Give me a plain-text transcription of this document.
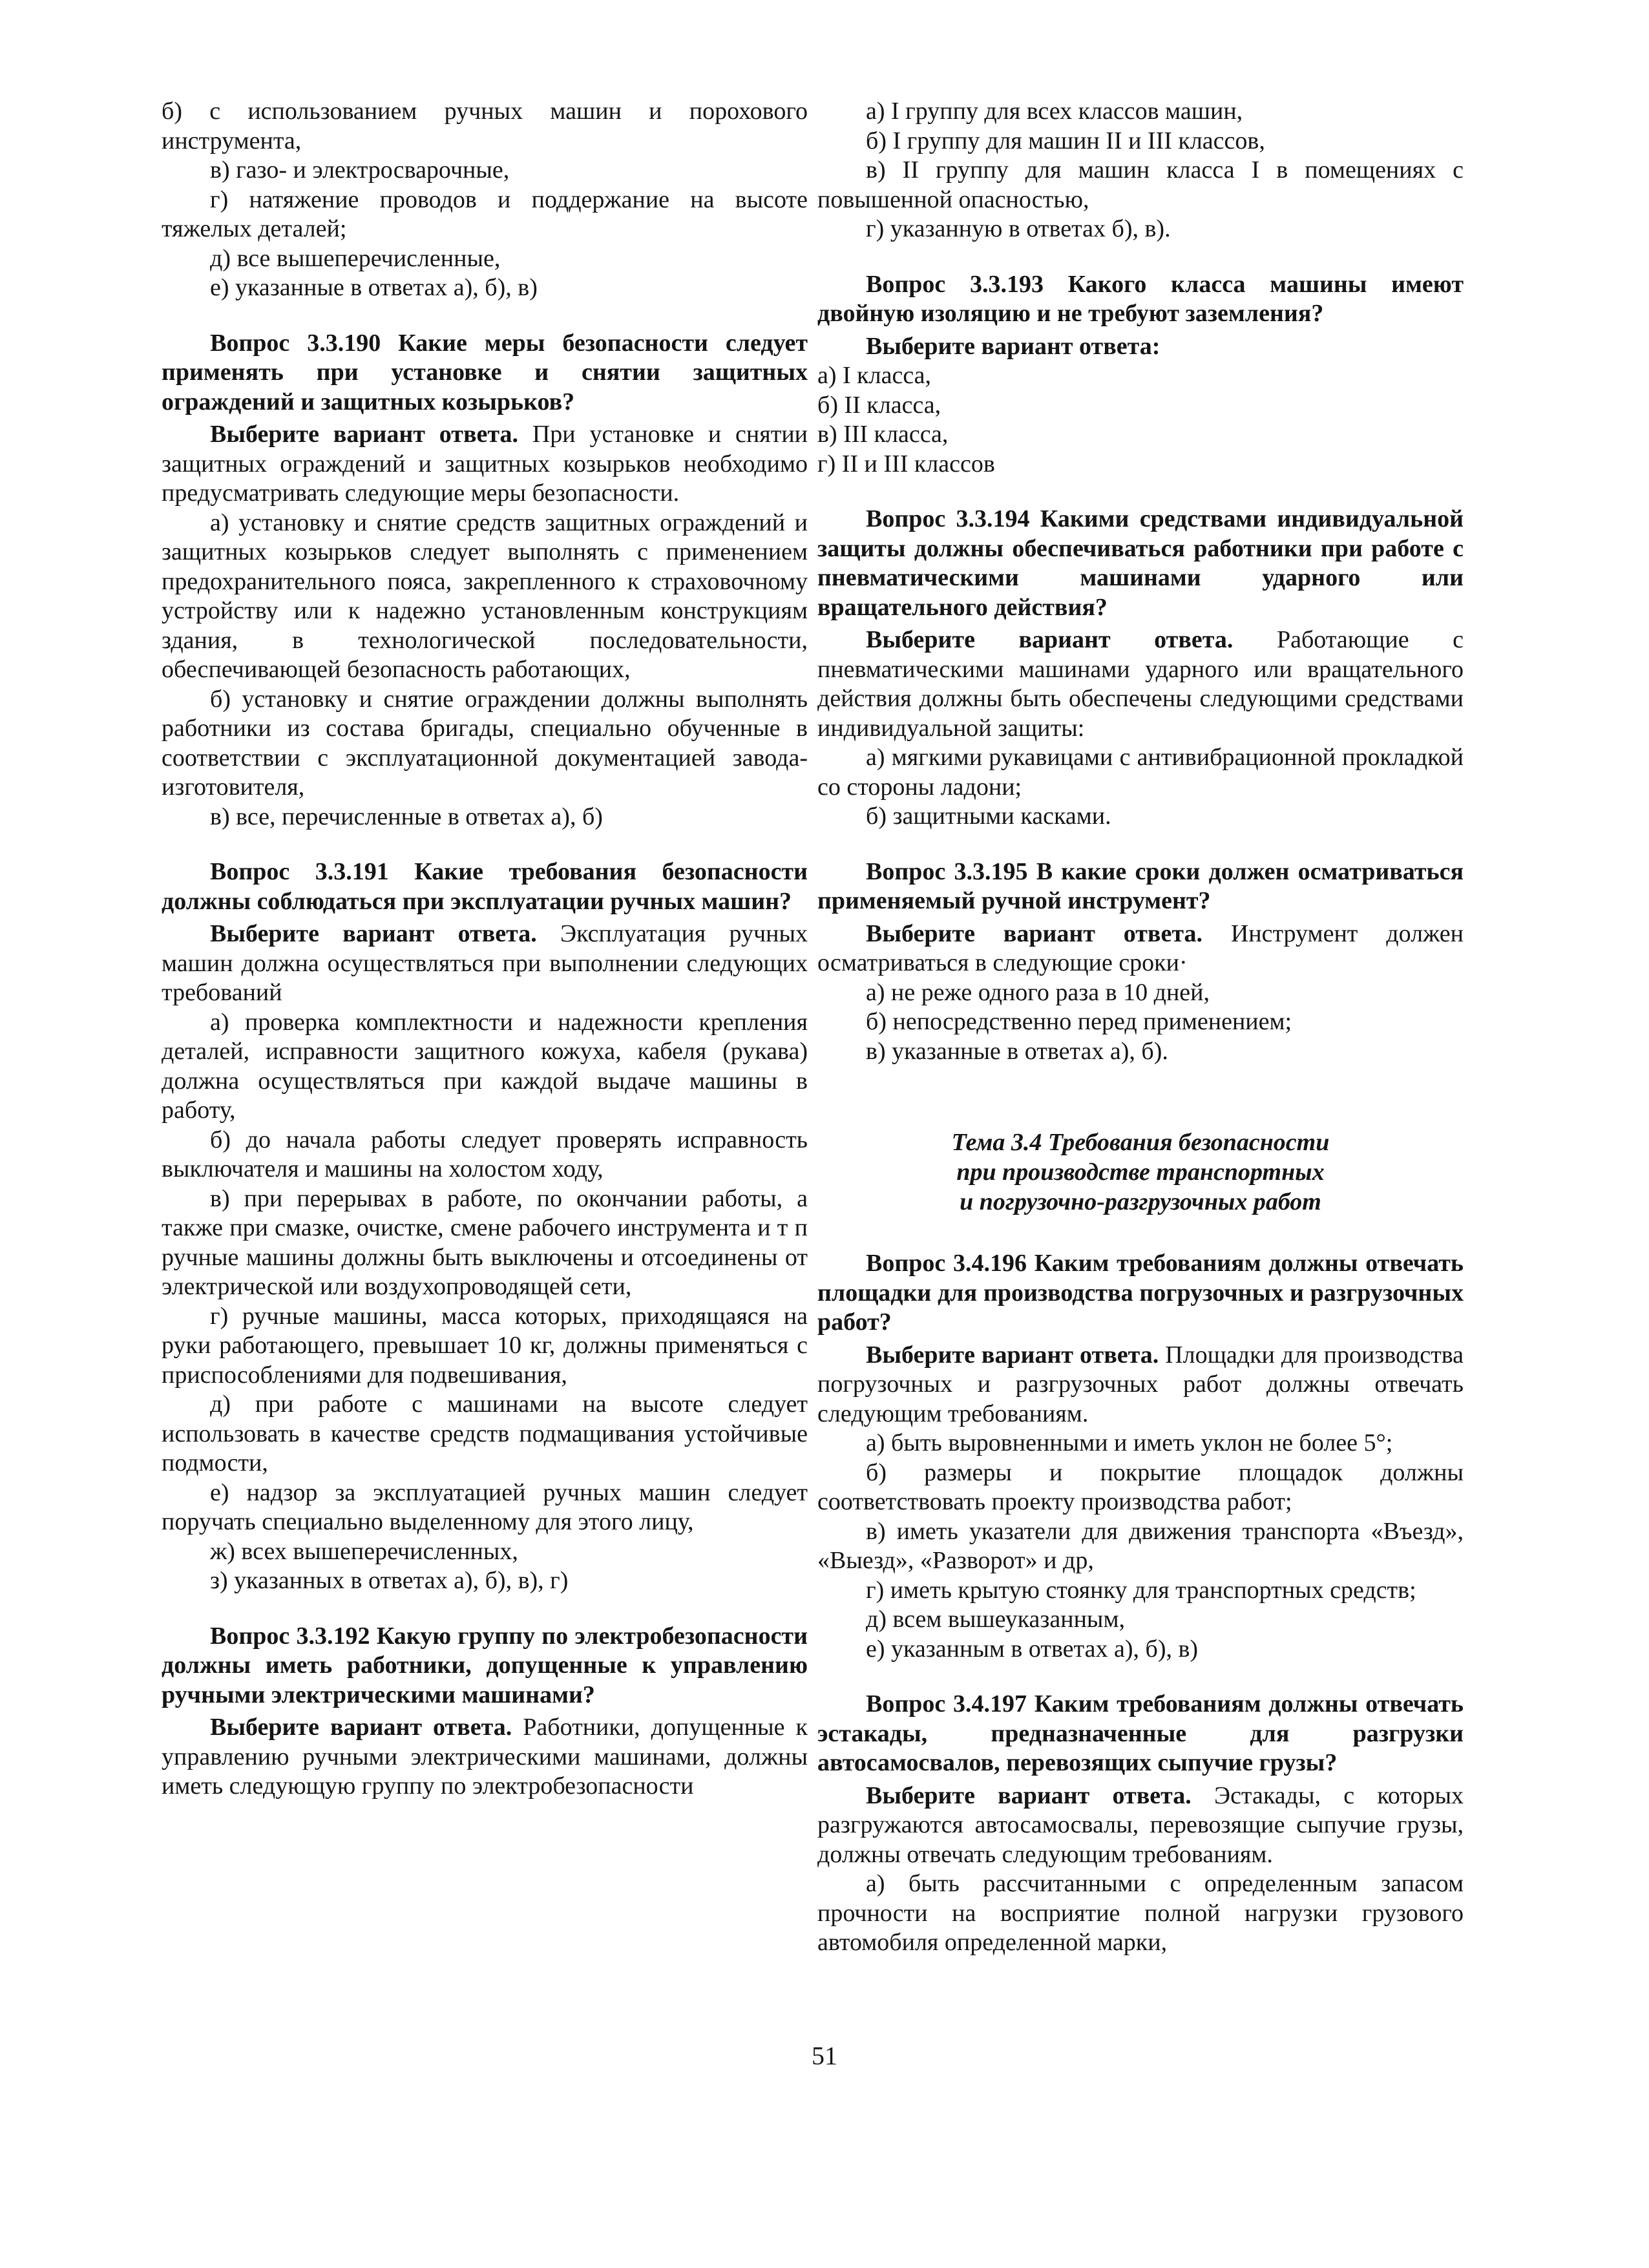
б) с использованием ручных машин и порохового инструмента,

в) газо- и электросварочные,

г) натяжение проводов и поддержание на высоте тяжелых деталей;

д) все вышеперечисленные,

е) указанные в ответах а), б), в)

Вопрос 3.3.190 Какие меры безопасности следует применять при установке и снятии защитных ограждений и защитных козырьков?

Выберите вариант ответа. При установке и снятии защитных ограждений и защитных козырьков необходимо предусматривать следующие меры безопасности.

а) установку и снятие средств защитных ограждений и защитных козырьков следует выполнять с применением предохранительного пояса, закрепленного к страховочному устройству или к надежно установленным конструкциям здания, в технологической последовательности, обеспечивающей безопасность работающих,

б) установку и снятие ограждении должны выполнять работники из состава бригады, специально обученные в соответствии с эксплуатационной документацией завода-изготовителя,

в) все, перечисленные в ответах а), б)

Вопрос 3.3.191 Какие требования безопасности должны соблюдаться при эксплуатации ручных машин?

Выберите вариант ответа. Эксплуатация ручных машин должна осуществляться при выполнении следующих требований

а) проверка комплектности и надежности крепления деталей, исправности защитного кожуха, кабеля (рукава) должна осуществляться при каждой выдаче машины в работу,

б) до начала работы следует проверять исправность выключателя и машины на холостом ходу,

в) при перерывах в работе, по окончании работы, а также при смазке, очистке, смене рабочего инструмента и т п ручные машины должны быть выключены и отсоединены от электрической или воздухопроводящей сети,

г) ручные машины, масса которых, приходящаяся на руки работающего, превышает 10 кг, должны применяться с приспособлениями для подвешивания,

д) при работе с машинами на высоте следует использовать в качестве средств подмащивания устойчивые подмости,

е) надзор за эксплуатацией ручных машин следует поручать специально выделенному для этого лицу,

ж) всех вышеперечисленных,

з) указанных в ответах а), б), в), г)

Вопрос 3.3.192 Какую группу по электробезопасности должны иметь работники, допущенные к управлению ручными электрическими машинами?

Выберите вариант ответа. Работники, допущенные к управлению ручными электрическими машинами, должны иметь следующую группу по электробезопасности

а) I группу для всех классов машин,

б) I группу для машин II и III классов,

в) II группу для машин класса I в помещениях с повышенной опасностью,

г) указанную в ответах б), в).

Вопрос 3.3.193 Какого класса машины имеют двойную изоляцию и не требуют заземления?

Выберите вариант ответа:

а) I класса,

б) II класса,

в) III класса,

г) II и III классов

Вопрос 3.3.194 Какими средствами индивидуальной защиты должны обеспечиваться работники при работе с пневматическими машинами ударного или вращательного действия?

Выберите вариант ответа. Работающие с пневматическими машинами ударного или вращательного действия должны быть обеспечены следующими средствами индивидуальной защиты:

а) мягкими рукавицами с антивибрационной прокладкой со стороны ладони;

б) защитными касками.

Вопрос 3.3.195 В какие сроки должен осматриваться применяемый ручной инструмент?

Выберите вариант ответа. Инструмент должен осматриваться в следующие сроки·

а) не реже одного раза в 10 дней,

б) непосредственно перед применением;

в) указанные в ответах а), б).

Тема 3.4 Требования безопасности
при производстве транспортных
и погрузочно-разгрузочных работ

Вопрос 3.4.196 Каким требованиям должны отвечать площадки для производства погрузочных и разгрузочных работ?

Выберите вариант ответа. Площадки для производства погрузочных и разгрузочных работ должны отвечать следующим требованиям.

а) быть выровненными и иметь уклон не более 5°;

б) размеры и покрытие площадок должны соответствовать проекту производства работ;

в) иметь указатели для движения транспорта «Въезд», «Выезд», «Разворот» и др,

г) иметь крытую стоянку для транспортных средств;

д) всем вышеуказанным,

е) указанным в ответах а), б), в)

Вопрос 3.4.197 Каким требованиям должны отвечать эстакады, предназначенные для разгрузки автосамосвалов, перевозящих сыпучие грузы?

Выберите вариант ответа. Эстакады, с которых разгружаются автосамосвалы, перевозящие сыпучие грузы, должны отвечать следующим требованиям.

а) быть рассчитанными с определенным запасом прочности на восприятие полной нагрузки грузового автомобиля определенной марки,

51
